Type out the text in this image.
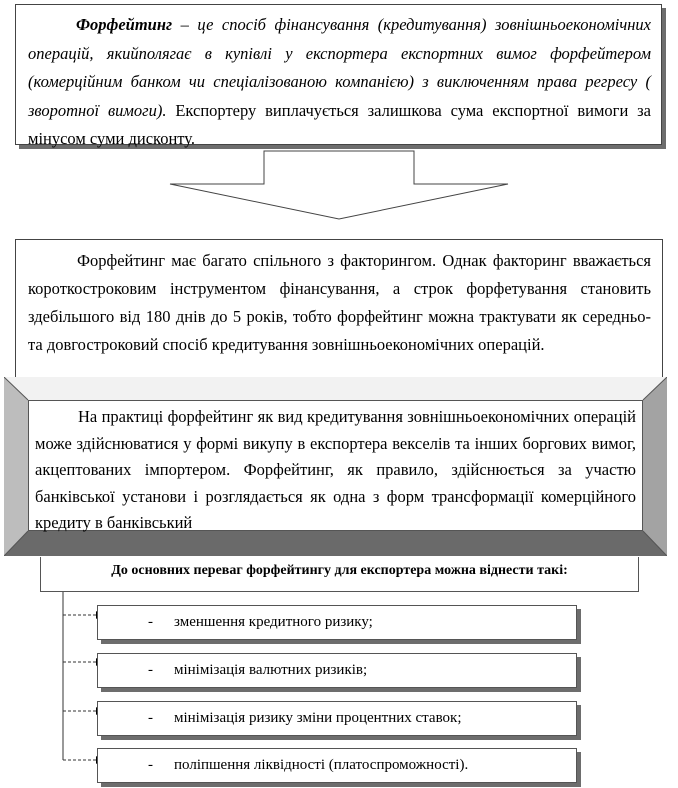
Форфейтинг – це спосіб фінансування (кредитування) зовнішньоекономічних операцій, якийполягає в купівлі у експортера експортних вимог форфейтером (комерційним банком чи спеціалізованою компанією) з виключенням права регресу ( зворотної вимоги). Експортеру виплачується залишкова сума експортної вимоги за мінусом суми дисконту.
Форфейтинг має багато спільного з факторингом. Однак факторинг вважається короткостроковим інструментом фінансування, а строк форфетування становить здебільшого від 180 днів до 5 років, тобто форфейтинг можна трактувати як середньо- та довгостроковий спосіб кредитування зовнішньоекономічних операцій.
На практиці форфейтинг як вид кредитування зовнішньоекономічних операцій може здійснюватися у формі викупу в експортера векселів та інших боргових вимог, акцептованих імпортером. Форфейтинг, як правило, здійснюється за участю банківської установи і розглядається як одна з форм трансформації комерційного кредиту в банківський
До основних переваг форфейтингу для експортера можна віднести такі:
- зменшення кредитного ризику;
- мінімізація валютних ризиків;
- мінімізація ризику зміни процентних ставок;
- поліпшення ліквідності (платоспроможності).
